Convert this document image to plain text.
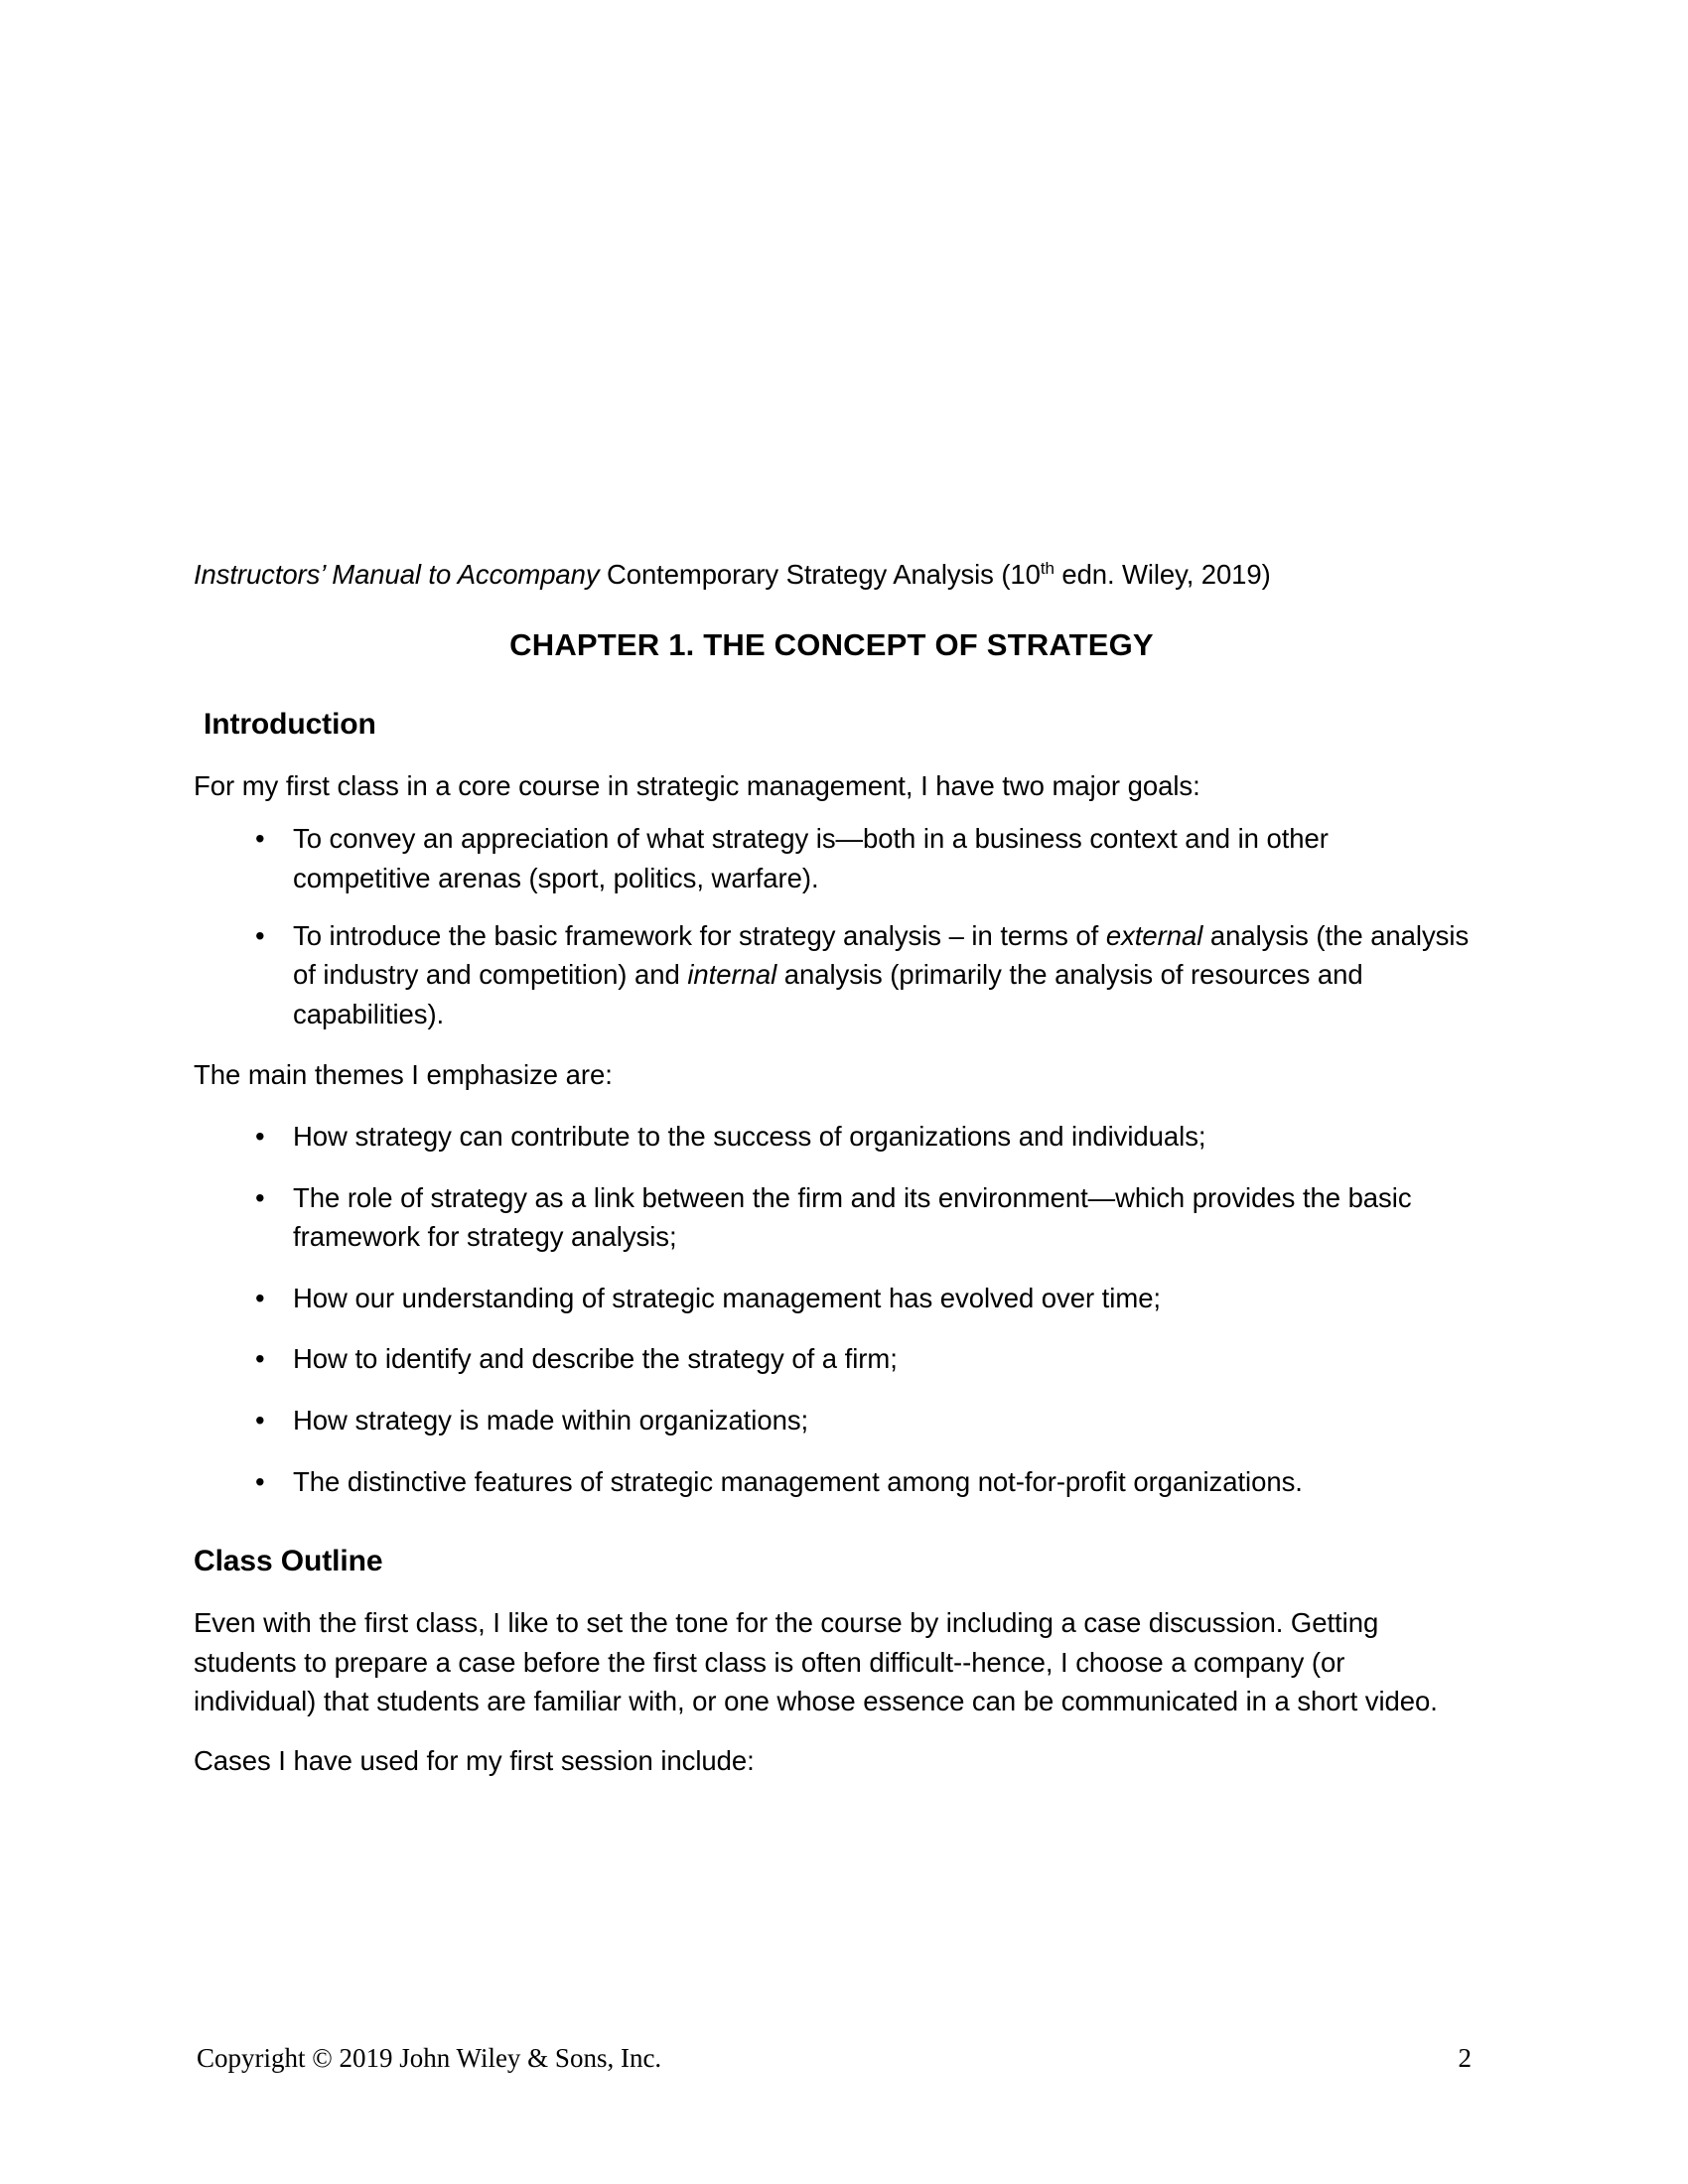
Instructors’ Manual to Accompany Contemporary Strategy Analysis (10th edn. Wiley, 2019)
CHAPTER 1. THE CONCEPT OF STRATEGY
Introduction

For my first class in a core course in strategic management, I have two major goals:

• To convey an appreciation of what strategy is—both in a business context and in other competitive arenas (sport, politics, warfare).
• To introduce the basic framework for strategy analysis – in terms of external analysis (the analysis of industry and competition) and internal analysis (primarily the analysis of resources and capabilities).

The main themes I emphasize are:

• How strategy can contribute to the success of organizations and individuals;
• The role of strategy as a link between the firm and its environment—which provides the basic framework for strategy analysis;
• How our understanding of strategic management has evolved over time;
• How to identify and describe the strategy of a firm;
• How strategy is made within organizations;
• The distinctive features of strategic management among not-for-profit organizations.
Class Outline

Even with the first class, I like to set the tone for the course by including a case discussion. Getting students to prepare a case before the first class is often difficult--hence, I choose a company (or individual) that students are familiar with, or one whose essence can be communicated in a short video.

Cases I have used for my first session include:

Copyright © 2019 John Wiley & Sons, Inc.	2
